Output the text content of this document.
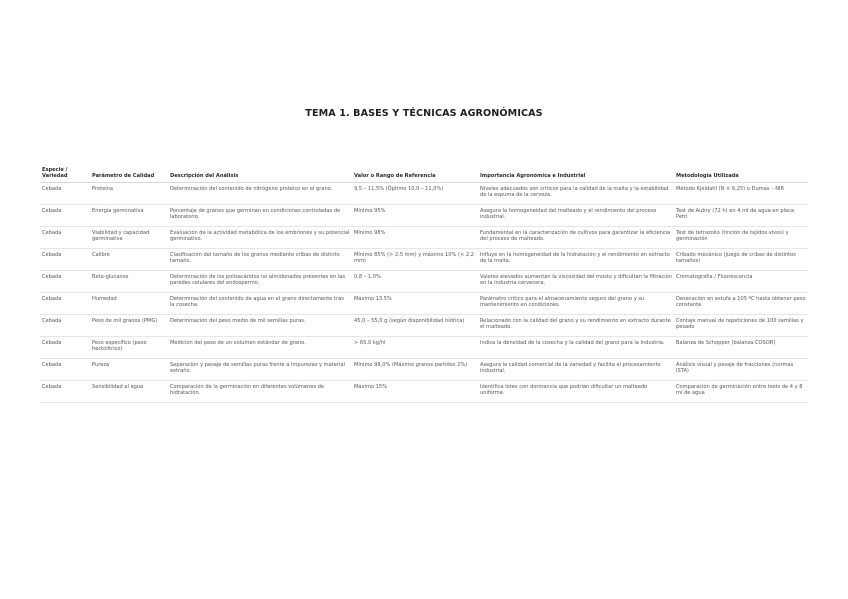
TEMA 1. BASES Y TÉCNICAS AGRONÓMICAS
Especie / Variedad	Parámetro de Calidad	Descripción del Análisis	Valor o Rango de Referencia	Importancia Agronómica e Industrial	Metodología Utilizada
Cebada	Proteína	Determinación del contenido de nitrógeno proteico en el grano.	9,5 – 11,5% (Óptimo 10,0 – 11,0%)	Niveles adecuados son críticos para la calidad de la malta y la estabilidad de la espuma de la cerveza.	Método Kjeldahl (N × 6,25) o Dumas – NIR
Cebada	Energía germinativa	Porcentaje de granos que germinan en condiciones controladas de laboratorio.	Mínimo 95%	Asegura la homogeneidad del malteado y el rendimiento del proceso industrial.	Test de Aubry (72 h) en 4 ml de agua en placa Petri
Cebada	Viabilidad y capacidad germinativa	Evaluación de la actividad metabólica de los embriones y su potencial germinativo.	Mínimo 98%	Fundamental en la caracterización de cultivos para garantizar la eficiencia del proceso de malteado.	Test de tetrazolio (tinción de tejidos vivos) y germinación
Cebada	Calibre	Clasificación del tamaño de los granos mediante cribas de distinto tamaño.	Mínimo 85% (> 2,5 mm) y máximo 10% (< 2,2 mm)	Influye en la homogeneidad de la hidratación y el rendimiento en extracto de la malta.	Cribado mecánico (juego de cribas de distintos tamaños)
Cebada	Beta-glucanos	Determinación de los polisacáridos no almidonados presentes en las paredes celulares del endospermo.	0,8 – 1,0%	Valores elevados aumentan la viscosidad del mosto y dificultan la filtración en la industria cervecera.	Cromatografía / Fluorescencia
Cebada	Humedad	Determinación del contenido de agua en el grano directamente tras la cosecha.	Máximo 13,5%	Parámetro crítico para el almacenamiento seguro del grano y su mantenimiento en condiciones.	Desecación en estufa a 105 ºC hasta obtener peso constante
Cebada	Peso de mil granos (PMG)	Determinación del peso medio de mil semillas puras.	45,0 – 55,0 g (según disponibilidad hídrica)	Relacionado con la calidad del grano y su rendimiento en extracto durante el malteado.	Contaje manual de repeticiones de 100 semillas y pesado
Cebada	Peso específico (peso hectolítrico)	Medición del peso de un volumen estándar de grano.	> 65,0 kg/hl	Indica la densidad de la cosecha y la calidad del grano para la industria.	Balanza de Schopper (balanza COSOR)
Cebada	Pureza	Separación y pesaje de semillas puras frente a impurezas y material extraño.	Mínimo 98,0% (Máximo granos partidos 2%)	Asegura la calidad comercial de la variedad y facilita el procesamiento industrial.	Análisis visual y pesaje de fracciones (normas ISTA)
Cebada	Sensibilidad al agua	Comparación de la germinación en diferentes volúmenes de hidratación.	Máximo 15%	Identifica lotes con dormancia que podrían dificultar un malteado uniforme.	Comparación de germinación entre tests de 4 y 8 ml de agua
